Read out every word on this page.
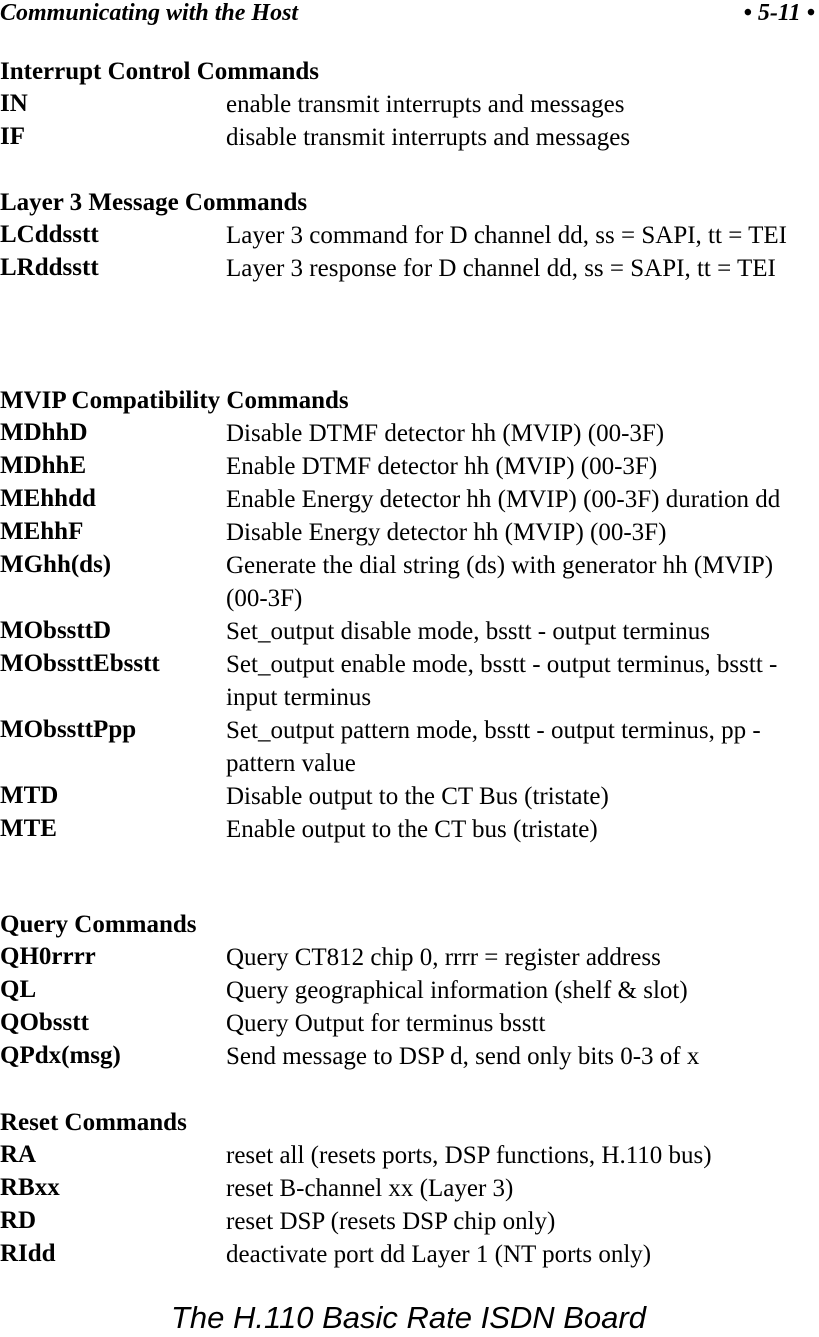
Communicating with the Host	• 5-11 •
Interrupt Control Commands
IN	enable transmit interrupts and messages
IF	disable transmit interrupts and messages
Layer 3 Message Commands
LCddsstt	Layer 3 command for D channel dd, ss = SAPI, tt = TEI
LRddsstt	Layer 3 response for D channel dd, ss = SAPI, tt = TEI
MVIP Compatibility Commands
MDhhD	Disable DTMF detector hh (MVIP) (00-3F)
MDhhE	Enable DTMF detector hh (MVIP) (00-3F)
MEhhdd	Enable Energy detector hh (MVIP) (00-3F) duration dd
MEhhF	Disable Energy detector hh (MVIP) (00-3F)
MGhh(ds)	Generate the dial string (ds) with generator hh (MVIP) (00-3F)
MObssttD	Set_output disable mode, bsstt - output terminus
MObssttEbsstt	Set_output enable mode, bsstt - output terminus, bsstt - input terminus
MObssttPpp	Set_output pattern mode, bsstt - output terminus, pp - pattern value
MTD	Disable output to the CT Bus (tristate)
MTE	Enable output to the CT bus (tristate)
Query Commands
QH0rrrr	Query CT812 chip 0, rrrr = register address
QL	Query geographical information (shelf & slot)
QObsstt	Query Output for terminus bsstt
QPdx(msg)	Send message to DSP d, send only bits 0-3 of x
Reset Commands
RA	reset all (resets ports, DSP functions, H.110 bus)
RBxx	reset B-channel xx (Layer 3)
RD	reset DSP (resets DSP chip only)
RIdd	deactivate port dd Layer 1 (NT ports only)
The H.110 Basic Rate ISDN Board
